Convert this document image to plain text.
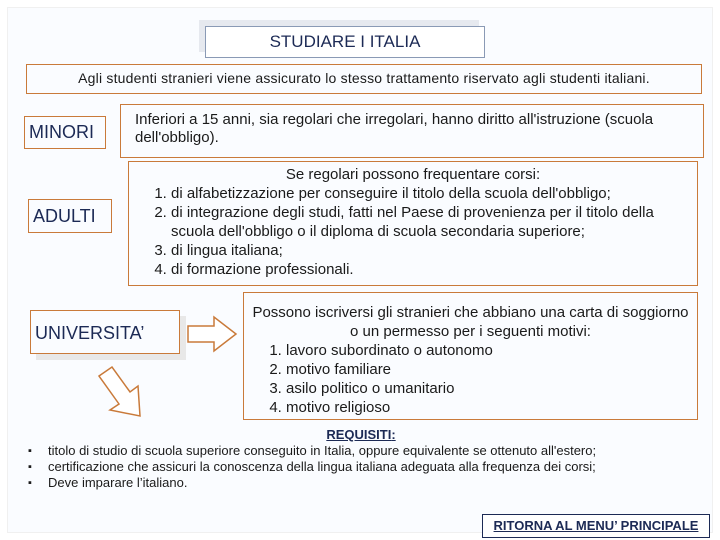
STUDIARE I ITALIA
Agli studenti stranieri viene assicurato lo stesso trattamento riservato agli studenti italiani.
MINORI
Inferiori a 15 anni, sia regolari che irregolari, hanno diritto all'istruzione (scuola dell'obbligo).
ADULTI
Se regolari possono frequentare corsi:
1. di alfabetizzazione per conseguire il titolo della scuola dell'obbligo;
2. di integrazione degli studi, fatti nel Paese di provenienza per il titolo della scuola dell'obbligo o il diploma di scuola secondaria superiore;
3. di lingua italiana;
4. di formazione professionali.
UNIVERSITA’
Possono iscriversi gli stranieri che abbiano una carta di soggiorno o un permesso per i seguenti motivi:
1. lavoro subordinato o autonomo
2. motivo familiare
3. asilo politico o umanitario
4. motivo religioso
REQUISITI:
▪ titolo di studio di scuola superiore conseguito in Italia, oppure equivalente se ottenuto all'estero;
▪ certificazione che assicuri la conoscenza della lingua italiana adeguata alla frequenza dei corsi;
▪ Deve imparare l’italiano.
RITORNA AL MENU’ PRINCIPALE
